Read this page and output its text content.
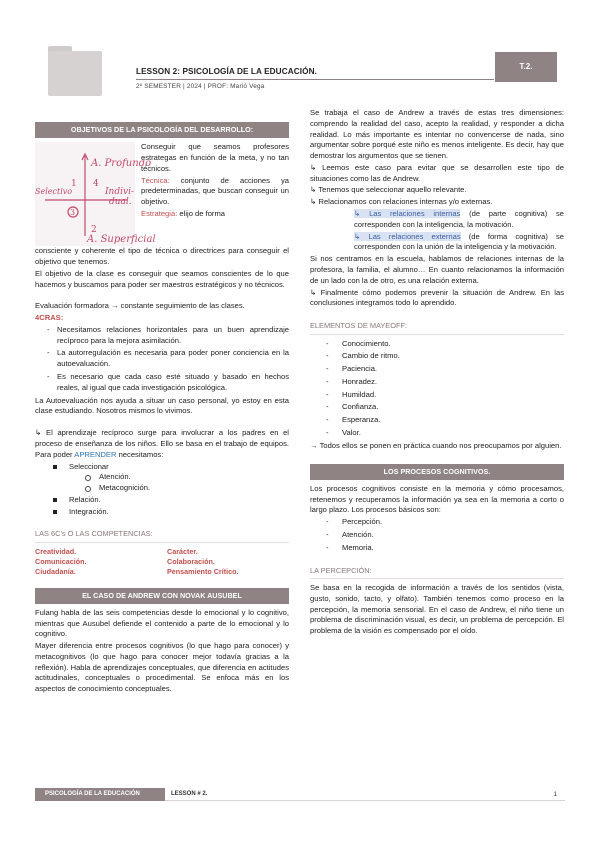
LESSON 2: PSICOLOGÍA DE LA EDUCACIÓN.
T.2.
2º SEMESTER | 2024 | PROF: Marió Vega
OBJETIVOS DE LA PSICOLOGÍA DEL DESARROLLO:
A. Profundo
Indivi-
dual.
Selectivo
A. Superficial
1
3
2
4

Conseguir que seamos profesores estrategas en función de la meta, y no tan técnicos.

Técnica: conjunto de acciones ya predeterminadas, que buscan conseguir un objetivo.

Estrategia: elijo de forma

consciente y coherente el tipo de técnica o directrices para conseguir el objetivo que tenemos.

El objetivo de la clase es conseguir que seamos conscientes de lo que hacemos y buscamos para poder ser maestros estratégicos y no técnicos.

Evaluación formadora → constante seguimiento de las clases.

4CRAS:

- Necesitamos relaciones horizontales para un buen aprendizaje recíproco para la mejora asimilación.
- La autorregulación es necesaria para poder poner conciencia en la autoevaluación.
- Es necesario que cada caso esté situado y basado en hechos reales, al igual que cada investigación psicológica.

La Autoevaluación nos ayuda a situar un caso personal, yo estoy en esta clase estudiando. Nosotros mismos lo vivimos.

↳ El aprendizaje recíproco surge para involucrar a los padres en el proceso de enseñanza de los niños. Ello se basa en el trabajo de equipos. Para poder APRENDER necesitamos:

Seleccionar
Atención.
Metacognición.
Relación.
Integración.
LAS 6C's O LAS COMPETENCIAS:
Creatividad.	Carácter.
Comunicación.	Colaboración.
Ciudadanía.	Pensamiento Crítico.
EL CASO DE ANDREW CON NOVAK AUSUBEL

Fulang habla de las seis competencias desde lo emocional y lo cognitivo, mientras que Ausubel defiende el contenido a parte de lo emocional y lo cognitivo.

Mayer diferencia entre procesos cognitivos (lo que hago para conocer) y metacognitivos (lo que hago para conocer mejor todavía gracias a la reflexión). Habla de aprendizajes conceptuales, que diferencia en actitudes actitudinales, conceptuales o procedimental. Se enfoca más en los aspectos de conocimiento conceptuales.

Se trabaja el caso de Andrew a través de estas tres dimensiones: comprendo la realidad del caso, acepto la realidad, y responder a dicha realidad. Lo más importante es intentar no convencerse de nada, sino argumentar sobre porqué este niño es menos inteligente. Es decir, hay que demostrar los argumentos que se tienen.

↳ Leemos este caso para evitar que se desarrollen este tipo de situaciones como las de Andrew.

↳ Tenemos que seleccionar aquello relevante.

↳ Relacionamos con relaciones internas y/o externas.

↳ Las relaciones internas (de parte cognitiva) se corresponden con la inteligencia, la motivación.

↳ Las relaciones externas (de forma cognitiva) se corresponden con la unión de la inteligencia y la motivación.

Si nos centramos en la escuela, hablamos de relaciones internas de la profesora, la familia, el alumno… En cuanto relacionamos la información de un lado con la de otro, es una relación externa.

↳ Finalmente cómo podemos prevenir la situación de Andrew. En las conclusiones integramos todo lo aprendido.

ELEMENTOS DE MAYEOFF:
- Conocimiento.
- Cambio de ritmo.
- Paciencia.
- Honradez.
- Humildad.
- Confianza.
- Esperanza.
- Valor.

→ Todos ellos se ponen en práctica cuando nos preocupamos por alguien.

LOS PROCESOS COGNITIVOS.

Los procesos cognitivos consiste en la memoria y cómo procesamos, retenemos y recuperamos la información ya sea en la memoria a corto o largo plazo. Los procesos básicos son:

- Percepción.
- Atención.
- Memoria.
LA PERCEPCIÓN:

Se basa en la recogida de información a través de los sentidos (vista, gusto, sonido, tacto, y olfato). También tenemos como proceso en la percepción, la memoria sensorial. En el caso de Andrew, el niño tiene un problema de discriminación visual, es decir, un problema de percepción. El problema de la visión es compensado por el oído.

PSICOLOGÍA DE LA EDUCACIÓN	LESSON # 2.	1
